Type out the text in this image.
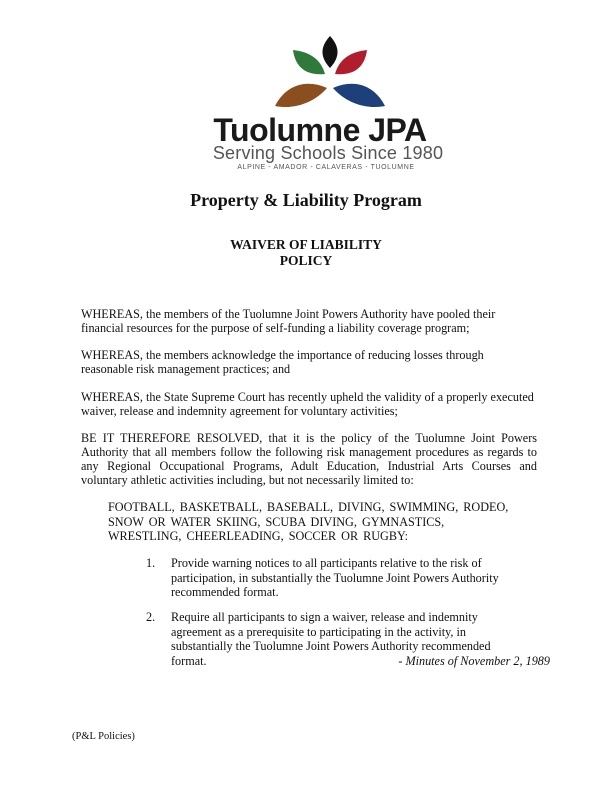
Tuolumne JPA
Serving Schools Since 1980
ALPINE - AMADOR - CALAVERAS - TUOLUMNE
Property & Liability Program
WAIVER OF LIABILITY
POLICY
WHEREAS, the members of the Tuolumne Joint Powers Authority have pooled their financial resources for the purpose of self-funding a liability coverage program;
WHEREAS, the members acknowledge the importance of reducing losses through reasonable risk management practices; and
WHEREAS, the State Supreme Court has recently upheld the validity of a properly executed waiver, release and indemnity agreement for voluntary activities;
BE IT THEREFORE RESOLVED, that it is the policy of the Tuolumne Joint Powers Authority that all members follow the following risk management procedures as regards to any Regional Occupational Programs, Adult Education, Industrial Arts Courses and voluntary athletic activities including, but not necessarily limited to:
FOOTBALL, BASKETBALL, BASEBALL, DIVING, SWIMMING, RODEO, SNOW OR WATER SKIING, SCUBA DIVING, GYMNASTICS, WRESTLING, CHEERLEADING, SOCCER OR RUGBY:
1. Provide warning notices to all participants relative to the risk of participation, in substantially the Tuolumne Joint Powers Authority recommended format.
2. Require all participants to sign a waiver, release and indemnity agreement as a prerequisite to participating in the activity, in substantially the Tuolumne Joint Powers Authority recommended format.	- Minutes of November 2, 1989
(P&L Policies)
